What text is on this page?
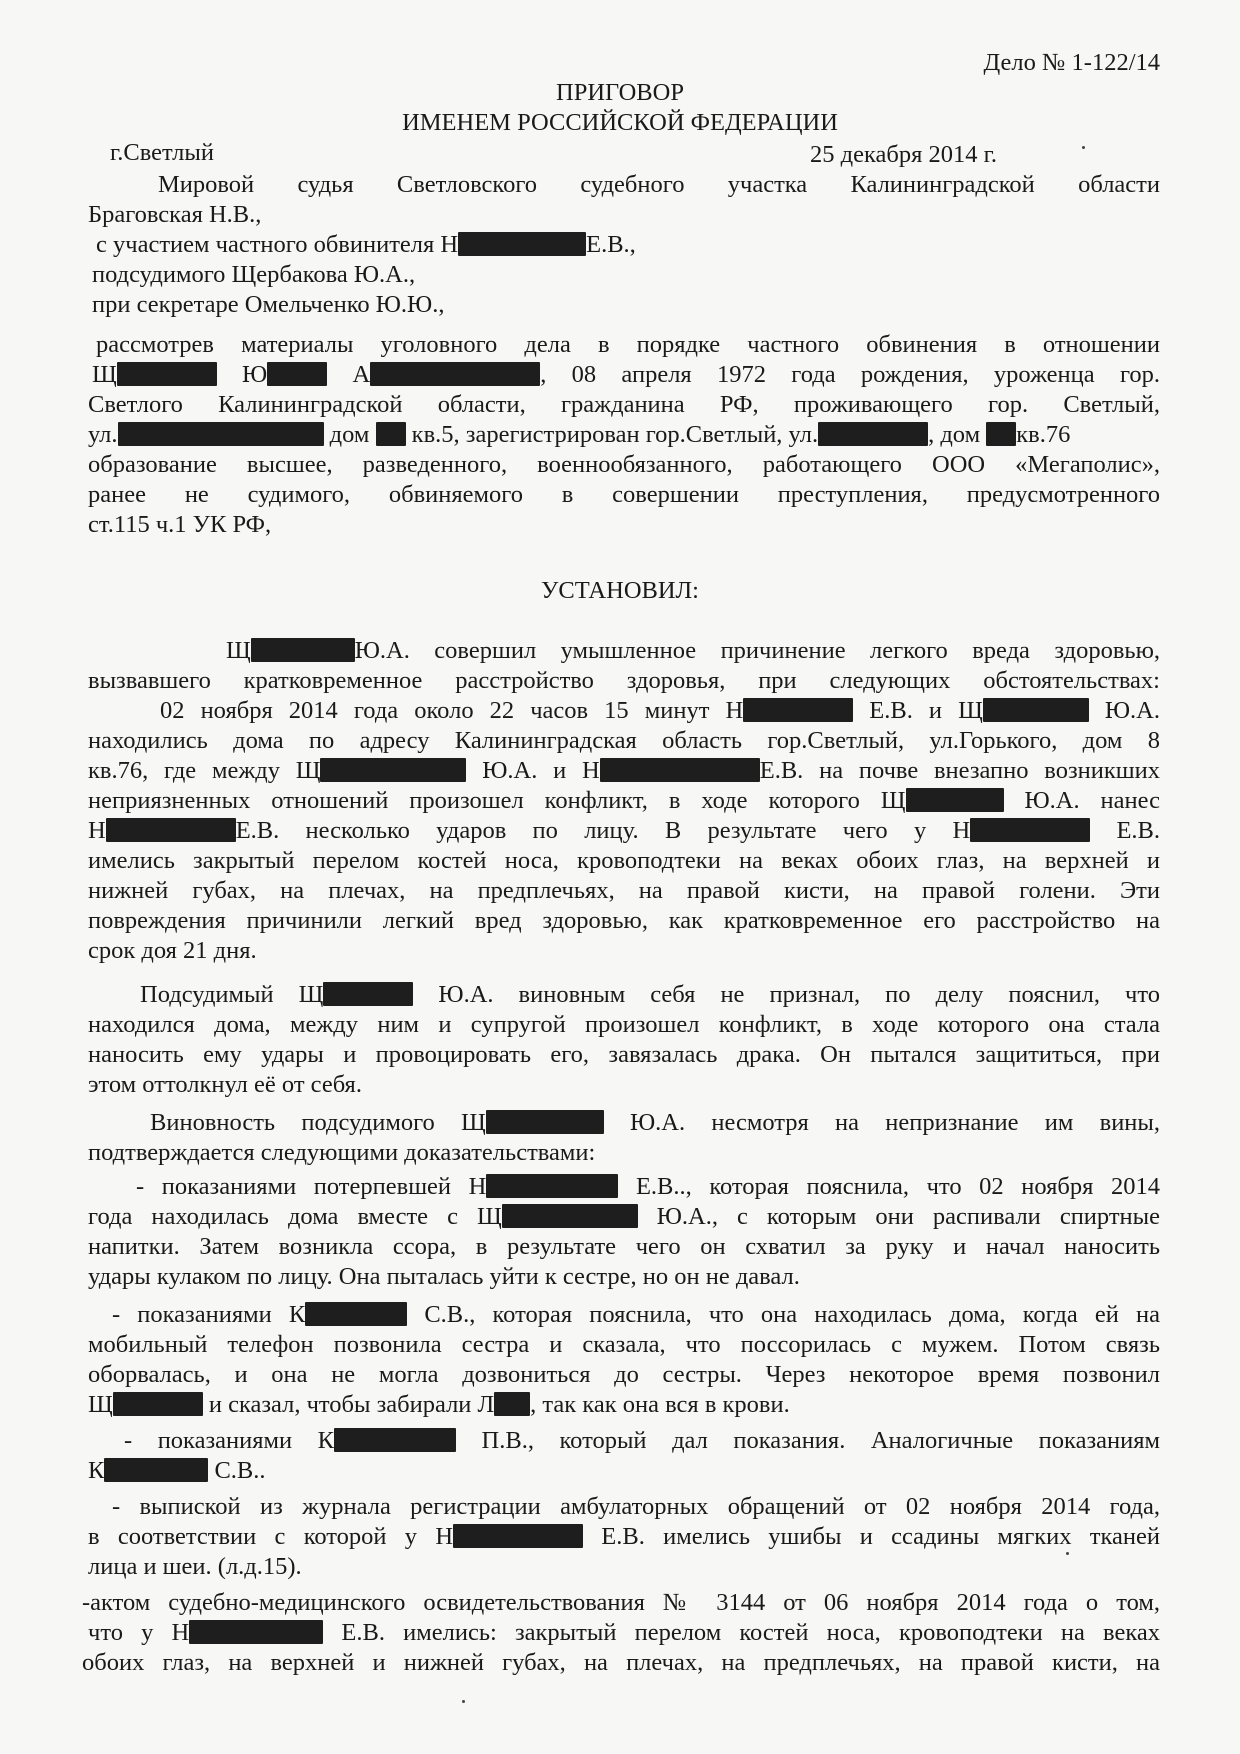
Дело № 1-122/14
ПРИГОВОР
ИМЕНЕМ РОССИЙСКОЙ ФЕДЕРАЦИИ
г.Светлый	25 декабря 2014 г.
Мировой судья Светловского судебного участка Калининградской области
Браговская Н.В.,
с участием частного обвинителя Н	Е.В.,
подсудимого Щербакова Ю.А.,
при секретаре Омельченко Ю.Ю.,
рассмотрев материалы уголовного дела в порядке частного обвинения в отношении
Щ	Ю	А	, 08 апреля 1972 года рождения, уроженца гор.
Светлого Калининградской области, гражданина РФ, проживающего гор. Светлый,
ул.	дом кв.5, зарегистрирован гор.Светлый, ул.	, дом кв.76
образование высшее, разведенного, военнообязанного, работающего ООО «Мегаполис»,
ранее не судимого, обвиняемого в совершении преступления, предусмотренного
ст.115 ч.1 УК РФ,
УСТАНОВИЛ:
Щ	Ю.А. совершил умышленное причинение легкого вреда здоровью,
вызвавшего кратковременное расстройство здоровья, при следующих обстоятельствах:
02 ноября 2014 года около 22 часов 15 минут Н	Е.В. и Щ	Ю.А.
находились дома по адресу Калининградская область гор.Светлый, ул.Горького, дом 8
кв.76, где между Щ	Ю.А. и Н	Е.В. на почве внезапно возникших
неприязненных отношений произошел конфликт, в ходе которого Щ	Ю.А. нанес
Н	Е.В. несколько ударов по лицу. В результате чего у Н	Е.В.
имелись закрытый перелом костей носа, кровоподтеки на веках обоих глаз, на верхней и
нижней губах, на плечах, на предплечьях, на правой кисти, на правой голени. Эти
повреждения причинили легкий вред здоровью, как кратковременное его расстройство на
срок доя 21 дня.
Подсудимый Щ	Ю.А. виновным себя не признал, по делу пояснил, что
находился дома, между ним и супругой произошел конфликт, в ходе которого она стала
наносить ему удары и провоцировать его, завязалась драка. Он пытался защититься, при
этом оттолкнул её от себя.
Виновность подсудимого Щ	Ю.А. несмотря на непризнание им вины,
подтверждается следующими доказательствами:
- показаниями потерпевшей Н	Е.В.., которая пояснила, что 02 ноября 2014
года находилась дома вместе с Щ	Ю.А., с которым они распивали спиртные
напитки. Затем возникла ссора, в результате чего он схватил за руку и начал наносить
удары кулаком по лицу. Она пыталась уйти к сестре, но он не давал.
- показаниями К	С.В., которая пояснила, что она находилась дома, когда ей на
мобильный телефон позвонила сестра и сказала, что поссорилась с мужем. Потом связь
оборвалась, и она не могла дозвониться до сестры. Через некоторое время позвонил
Щ	и сказал, чтобы забирали Л , так как она вся в крови.
- показаниями К	П.В., который дал показания. Аналогичные показаниям
К	С.В..
- выпиской из журнала регистрации амбулаторных обращений от 02 ноября 2014 года,
в соответствии с которой у Н	Е.В. имелись ушибы и ссадины мягких тканей
лица и шеи. (л.д.15).
-актом судебно-медицинского освидетельствования № 3144 от 06 ноября 2014 года о том,
что у Н	Е.В. имелись: закрытый перелом костей носа, кровоподтеки на веках
обоих глаз, на верхней и нижней губах, на плечах, на предплечьях, на правой кисти, на
